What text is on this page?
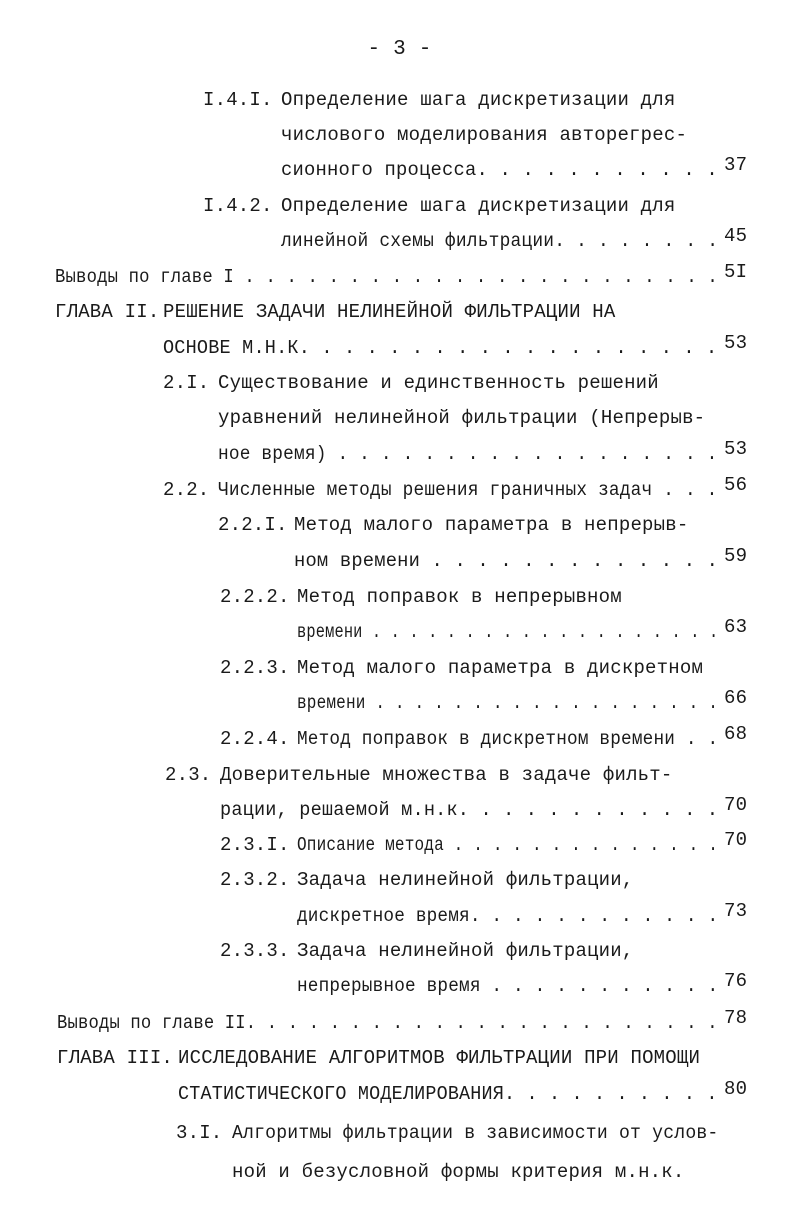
- 3 -
I.4.I. Определение шага дискретизации для
числового моделирования авторегрес-
сионного процесса. . . . . . . . . . . 37
I.4.2. Определение шага дискретизации для
линейной схемы фильтрации. . . . . . . . 45
Выводы по главе I . . . . . . . . . . . . . . . . . . . . . . . 5I
ГЛАВА II. РЕШЕНИЕ ЗАДАЧИ НЕЛИНЕЙНОЙ ФИЛЬТРАЦИИ НА
ОСНОВЕ М.Н.К. . . . . . . . . . . . . . . . . . . 53
2.I. Существование и единственность решений
уравнений нелинейной фильтрации (Непрерыв-
ное время) . . . . . . . . . . . . . . . . . . 53
2.2. Численные методы решения граничных задач . . . 56
2.2.I. Метод малого параметра в непрерыв-
ном времени . . . . . . . . . . . . . 59
2.2.2. Метод поправок в непрерывном
времени . . . . . . . . . . . . . . . . . . . 63
2.2.3. Метод малого параметра в дискретном
времени . . . . . . . . . . . . . . . . . . 66
2.2.4. Метод поправок в дискретном времени . . 68
2.3. Доверительные множества в задаче фильт-
рации, решаемой м.н.к. . . . . . . . . . . . 70
2.3.I. Описание метода . . . . . . . . . . . . . . 70
2.3.2. Задача нелинейной фильтрации,
дискретное время. . . . . . . . . . . . 73
2.3.3. Задача нелинейной фильтрации,
непрерывное время . . . . . . . . . . . 76
Выводы по главе II. . . . . . . . . . . . . . . . . . . . . . . 78
ГЛАВА III. ИССЛЕДОВАНИЕ АЛГОРИТМОВ ФИЛЬТРАЦИИ ПРИ ПОМОЩИ
СТАТИСТИЧЕСКОГО МОДЕЛИРОВАНИЯ. . . . . . . . . . 80
3.I. Алгоритмы фильтрации в зависимости от услов-
ной и безусловной формы критерия м.н.к.
